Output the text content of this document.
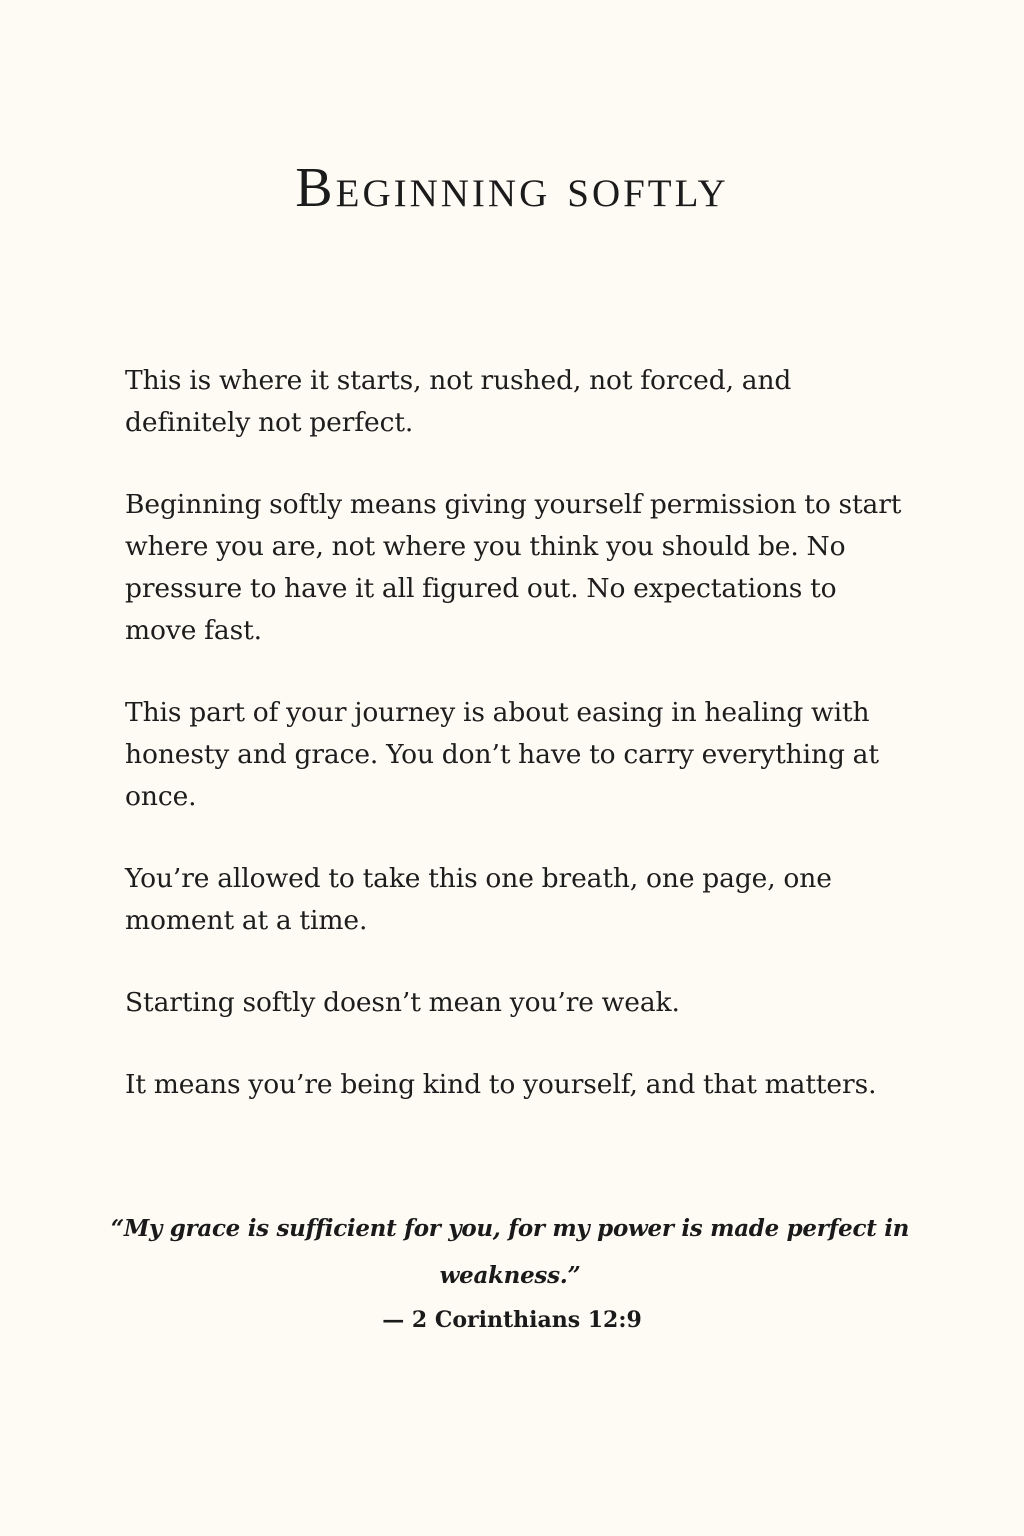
Beginning softly

This is where it starts, not rushed, not forced, and definitely not perfect.

Beginning softly means giving yourself permission to start where you are, not where you think you should be. No pressure to have it all figured out. No expectations to move fast.

This part of your journey is about easing in healing with honesty and grace. You don’t have to carry everything at once.

You’re allowed to take this one breath, one page, one moment at a time.

Starting softly doesn’t mean you’re weak.

It means you’re being kind to yourself, and that matters.

“My grace is sufficient for you, for my power is made perfect in weakness.”

— 2 Corinthians 12:9
